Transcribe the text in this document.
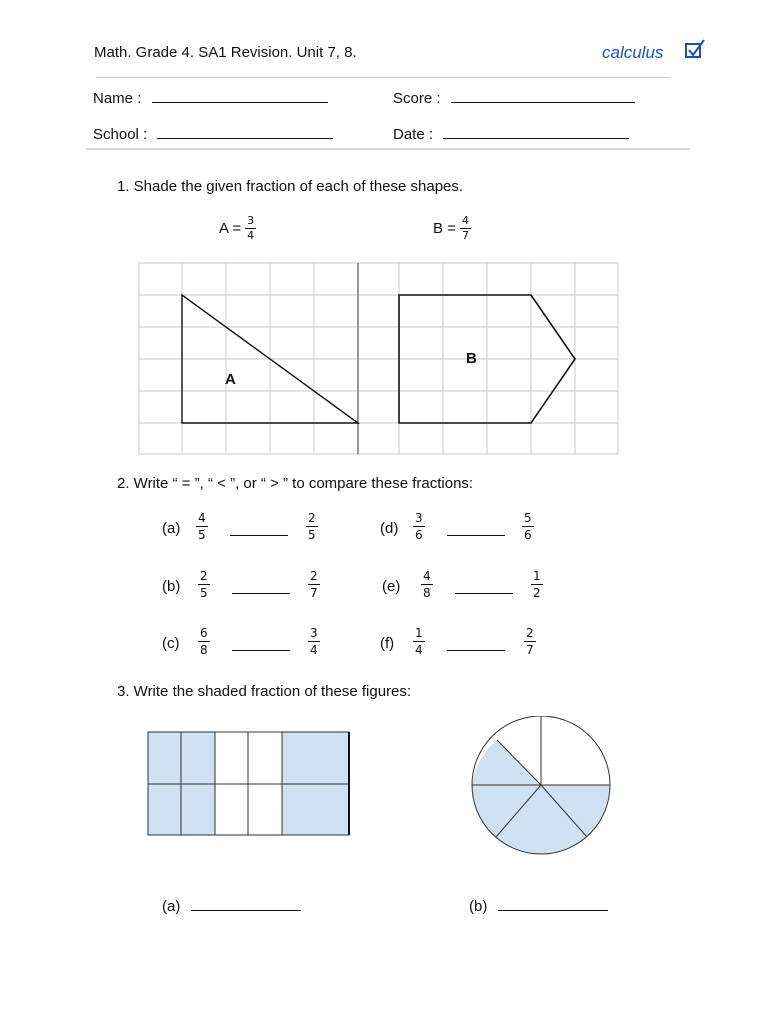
Math. Grade 4. SA1 Revision. Unit 7, 8.	calculus
Name :	Score :
School :	Date :
1. Shade the given fraction of each of these shapes.
$A = \frac{3}{4}$	$B = \frac{4}{7}$
A
B
2. Write “ = ”, “ < ”, or “ > ” to compare these fractions:
$(a) \frac{4}{5}$	$\frac{2}{5}$	$(d) \frac{3}{6}$	$\frac{5}{6}$
$(b) \frac{2}{5}$	$\frac{2}{7}$	$(e) \frac{4}{8}$	$\frac{1}{2}$
$(c) \frac{6}{8}$	$\frac{3}{4}$	$(f) \frac{1}{4}$	$\frac{2}{7}$
3. Write the shaded fraction of these figures:
(a)	(b)
